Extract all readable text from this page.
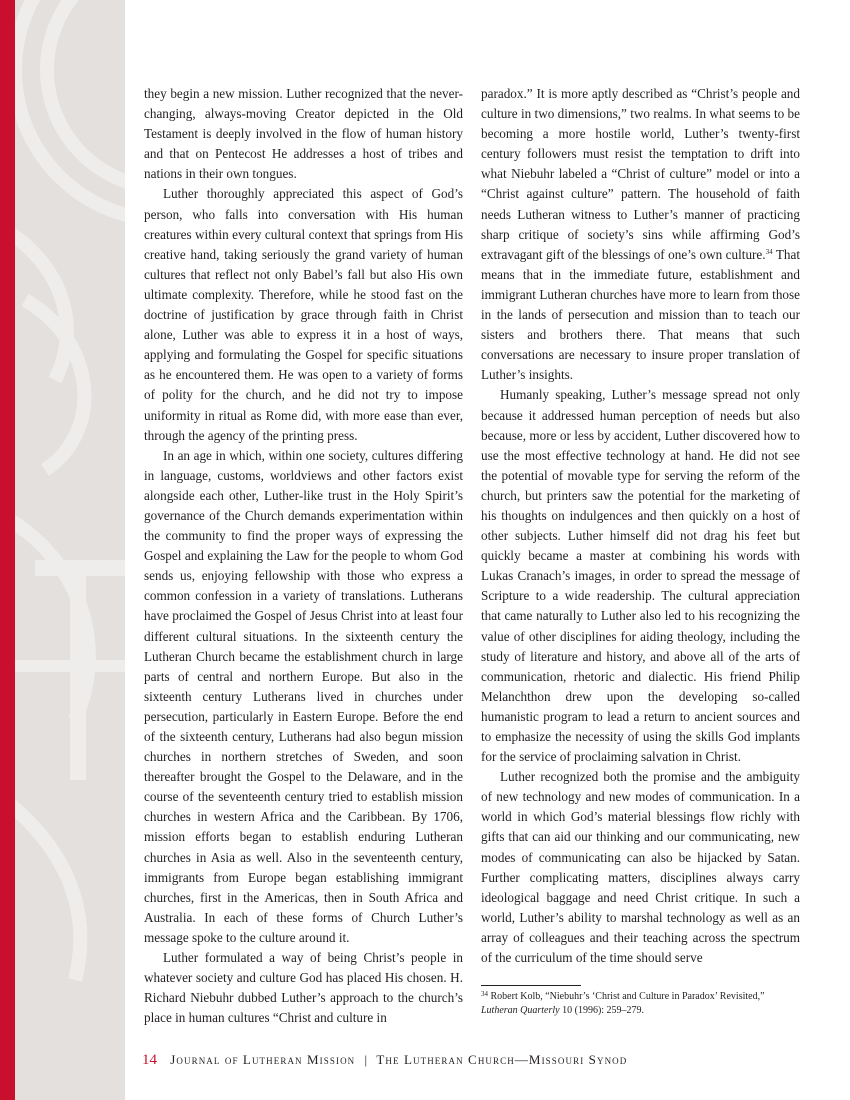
they begin a new mission. Luther recognized that the never-changing, always-moving Creator depicted in the Old Testament is deeply involved in the flow of human history and that on Pentecost He addresses a host of tribes and nations in their own tongues.

Luther thoroughly appreciated this aspect of God’s person, who falls into conversation with His human creatures within every cultural context that springs from His creative hand, taking seriously the grand variety of human cultures that reflect not only Babel’s fall but also His own ultimate complexity. Therefore, while he stood fast on the doctrine of justification by grace through faith in Christ alone, Luther was able to express it in a host of ways, applying and formulating the Gospel for specific situations as he encountered them. He was open to a variety of forms of polity for the church, and he did not try to impose uniformity in ritual as Rome did, with more ease than ever, through the agency of the printing press.

In an age in which, within one society, cultures differing in language, customs, worldviews and other factors exist alongside each other, Luther-like trust in the Holy Spirit’s governance of the Church demands experimentation within the community to find the proper ways of expressing the Gospel and explaining the Law for the people to whom God sends us, enjoying fellowship with those who express a common confession in a variety of translations. Lutherans have proclaimed the Gospel of Jesus Christ into at least four different cultural situations. In the sixteenth century the Lutheran Church became the establishment church in large parts of central and northern Europe. But also in the sixteenth century Lutherans lived in churches under persecution, particularly in Eastern Europe. Before the end of the sixteenth century, Lutherans had also begun mission churches in northern stretches of Sweden, and soon thereafter brought the Gospel to the Delaware, and in the course of the seventeenth century tried to establish mission churches in western Africa and the Caribbean. By 1706, mission efforts began to establish enduring Lutheran churches in Asia as well. Also in the seventeenth century, immigrants from Europe began establishing immigrant churches, first in the Americas, then in South Africa and Australia. In each of these forms of Church Luther’s message spoke to the culture around it.

Luther formulated a way of being Christ’s people in whatever society and culture God has placed His chosen. H. Richard Niebuhr dubbed Luther’s approach to the church’s place in human cultures “Christ and culture in

paradox.” It is more aptly described as “Christ’s people and culture in two dimensions,” two realms. In what seems to be becoming a more hostile world, Luther’s twenty-first century followers must resist the temptation to drift into what Niebuhr labeled a “Christ of culture” model or into a “Christ against culture” pattern. The household of faith needs Lutheran witness to Luther’s manner of practicing sharp critique of society’s sins while affirming God’s extravagant gift of the blessings of one’s own culture.$^{34}$ That means that in the immediate future, establishment and immigrant Lutheran churches have more to learn from those in the lands of persecution and mission than to teach our sisters and brothers there. That means that such conversations are necessary to insure proper translation of Luther’s insights.

Humanly speaking, Luther’s message spread not only because it addressed human perception of needs but also because, more or less by accident, Luther discovered how to use the most effective technology at hand. He did not see the potential of movable type for serving the reform of the church, but printers saw the potential for the marketing of his thoughts on indulgences and then quickly on a host of other subjects. Luther himself did not drag his feet but quickly became a master at combining his words with Lukas Cranach’s images, in order to spread the message of Scripture to a wide readership. The cultural appreciation that came naturally to Luther also led to his recognizing the value of other disciplines for aiding theology, including the study of literature and history, and above all of the arts of communication, rhetoric and dialectic. His friend Philip Melanchthon drew upon the developing so-called humanistic program to lead a return to ancient sources and to emphasize the necessity of using the skills God implants for the service of proclaiming salvation in Christ.

Luther recognized both the promise and the ambiguity of new technology and new modes of communication. In a world in which God’s material blessings flow richly with gifts that can aid our thinking and our communicating, new modes of communicating can also be hijacked by Satan. Further complicating matters, disciplines always carry ideological baggage and need Christ critique. In such a world, Luther’s ability to marshal technology as well as an array of colleagues and their teaching across the spectrum of the curriculum of the time should serve

$^{34}$ Robert Kolb, “Niebuhr’s ‘Christ and Culture in Paradox’ Revisited,” Lutheran Quarterly 10 (1996): 259–279.
14 Journal of Lutheran Mission | The Lutheran Church—Missouri Synod
